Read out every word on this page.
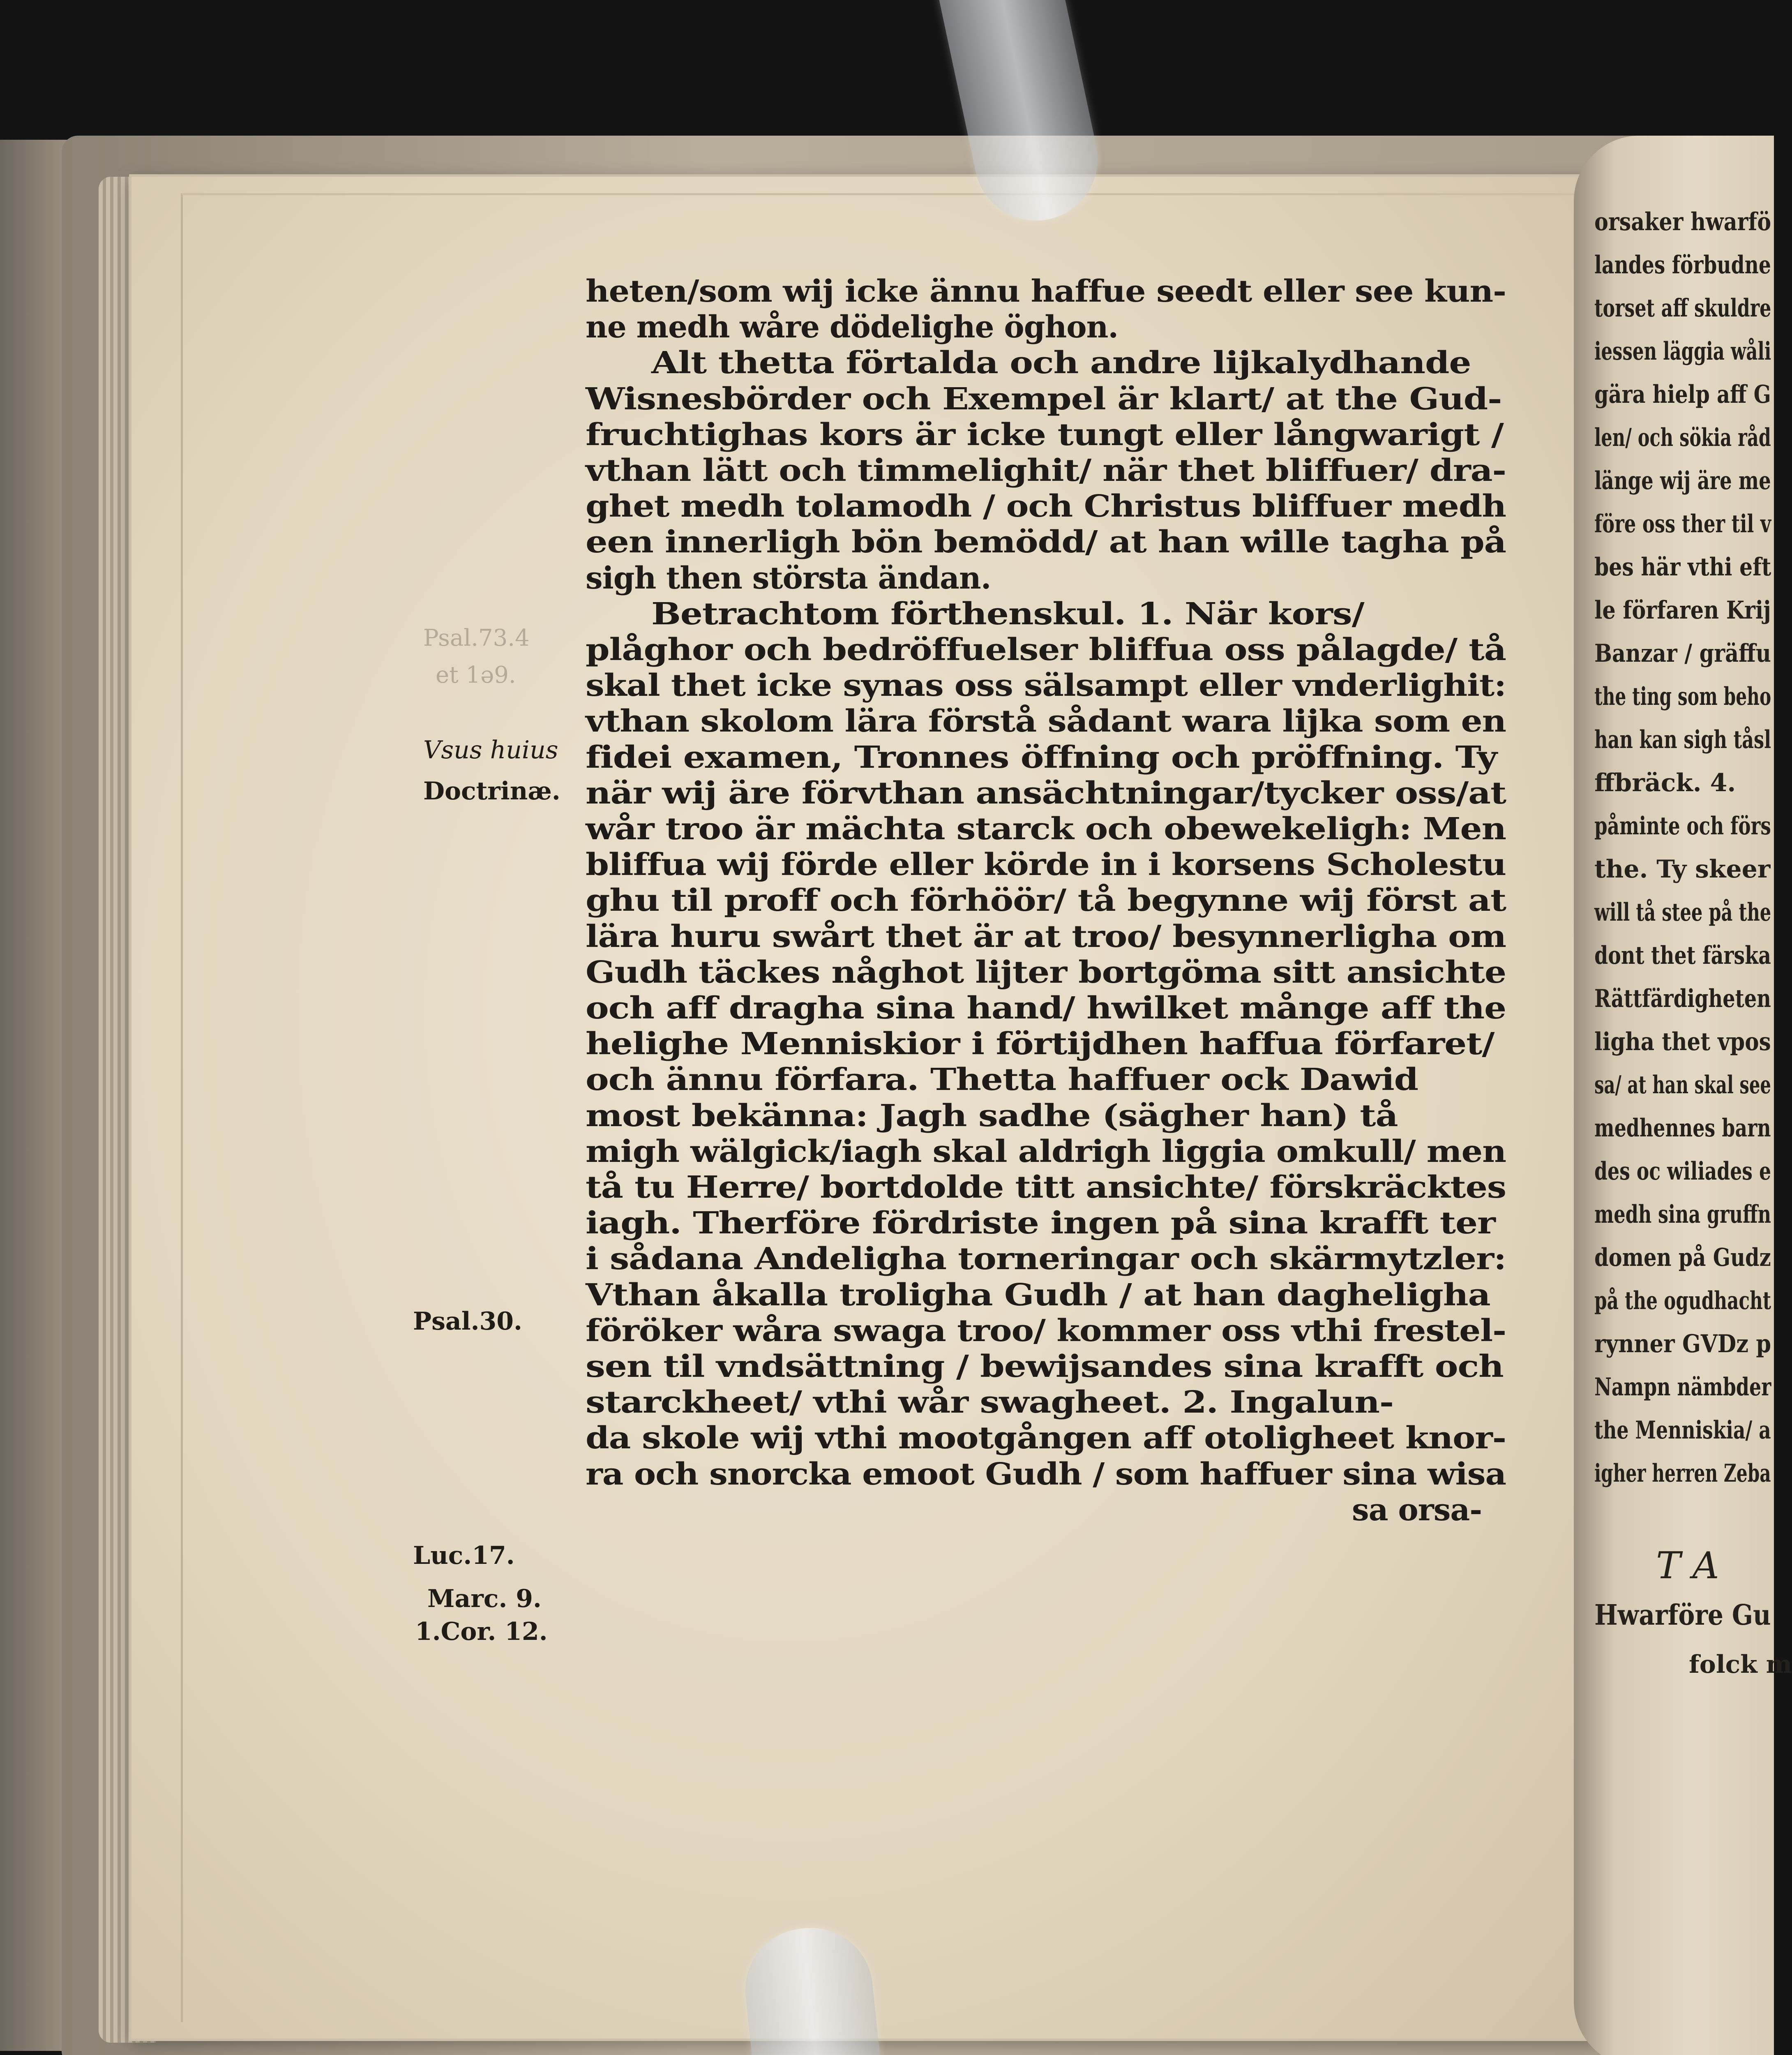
Psal.73.4
et 1ə9.
heten/som wij icke ännu haffue seedt eller see kun-
ne medh wåre dödelighe öghon.
Alt thetta förtalda och andre lijkalydhande
Wisnesbörder och Exempel är klart/ at the Gud-
fruchtighas kors är icke tungt eller långwarigt /
vthan lätt och timmelighit/ när thet bliffuer/ dra-
ghet medh tolamodh / och Christus bliffuer medh
een innerligh bön bemödd/ at han wille tagha på
sigh then största ändan.
Betrachtom förthenskul. 1. När kors/
plåghor och bedröffuelser bliffua oss pålagde/ tå
skal thet icke synas oss sälsampt eller vnderlighit:
vthan skolom lära förstå sådant wara lijka som en
fidei examen, Tronnes öffning och pröffning. Ty
när wij äre förvthan ansächtningar/tycker oss/at
wår troo är mächta starck och obewekeligh: Men
bliffua wij förde eller körde in i korsens Scholestu
ghu til proff och förhöör/ tå begynne wij först at
lära huru swårt thet är at troo/ besynnerligha om
Gudh täckes någhot lijter bortgöma sitt ansichte
och aff dragha sina hand/ hwilket månge aff the
helighe Menniskior i förtijdhen haffua förfaret/
och ännu förfara. Thetta haffuer ock Dawid
most bekänna: Jagh sadhe (sägher han) tå
migh wälgick/iagh skal aldrigh liggia omkull/ men
tå tu Herre/ bortdolde titt ansichte/ förskräcktes
iagh. Therföre fördriste ingen på sina krafft ter
i sådana Andeligha torneringar och skärmytzler:
Vthan åkalla troligha Gudh / at han dagheligha
föröker wåra swaga troo/ kommer oss vthi frestel-
sen til vndsättning / bewijsandes sina krafft och
starckheet/ vthi wår swagheet. 2. Ingalun-
da skole wij vthi mootgången aff otoligheet knor-
ra och snorcka emoot Gudh / som haffuer sina wisa
sa orsa-
Vsus huius
Doctrinæ.
Psal.30.
Luc.17.
Marc. 9.
1.Cor. 12.
orsaker hwarfö
landes förbudne
torset aff skuldre
iessen läggia wåli
gära hielp aff G
len/ och sökia råd
länge wij äre me
före oss ther til v
bes här vthi eft
le förfaren Krij
Banzar / gräffu
the ting som beho
han kan sigh tåsl
ffbräck. 4.
påminte och förs
the. Ty skeer
will tå stee på the
dont thet färska
Rättfärdigheten
ligha thet vpos
sa/ at han skal see
medhennes barn
des oc wiliades e
medh sina gruffn
domen på Gudz
på the ogudhacht
rynner GVDz p
Nampn nämbder
the Menniskia/ a
igher herren Zeba
T A
Hwarföre Gu
folck m
